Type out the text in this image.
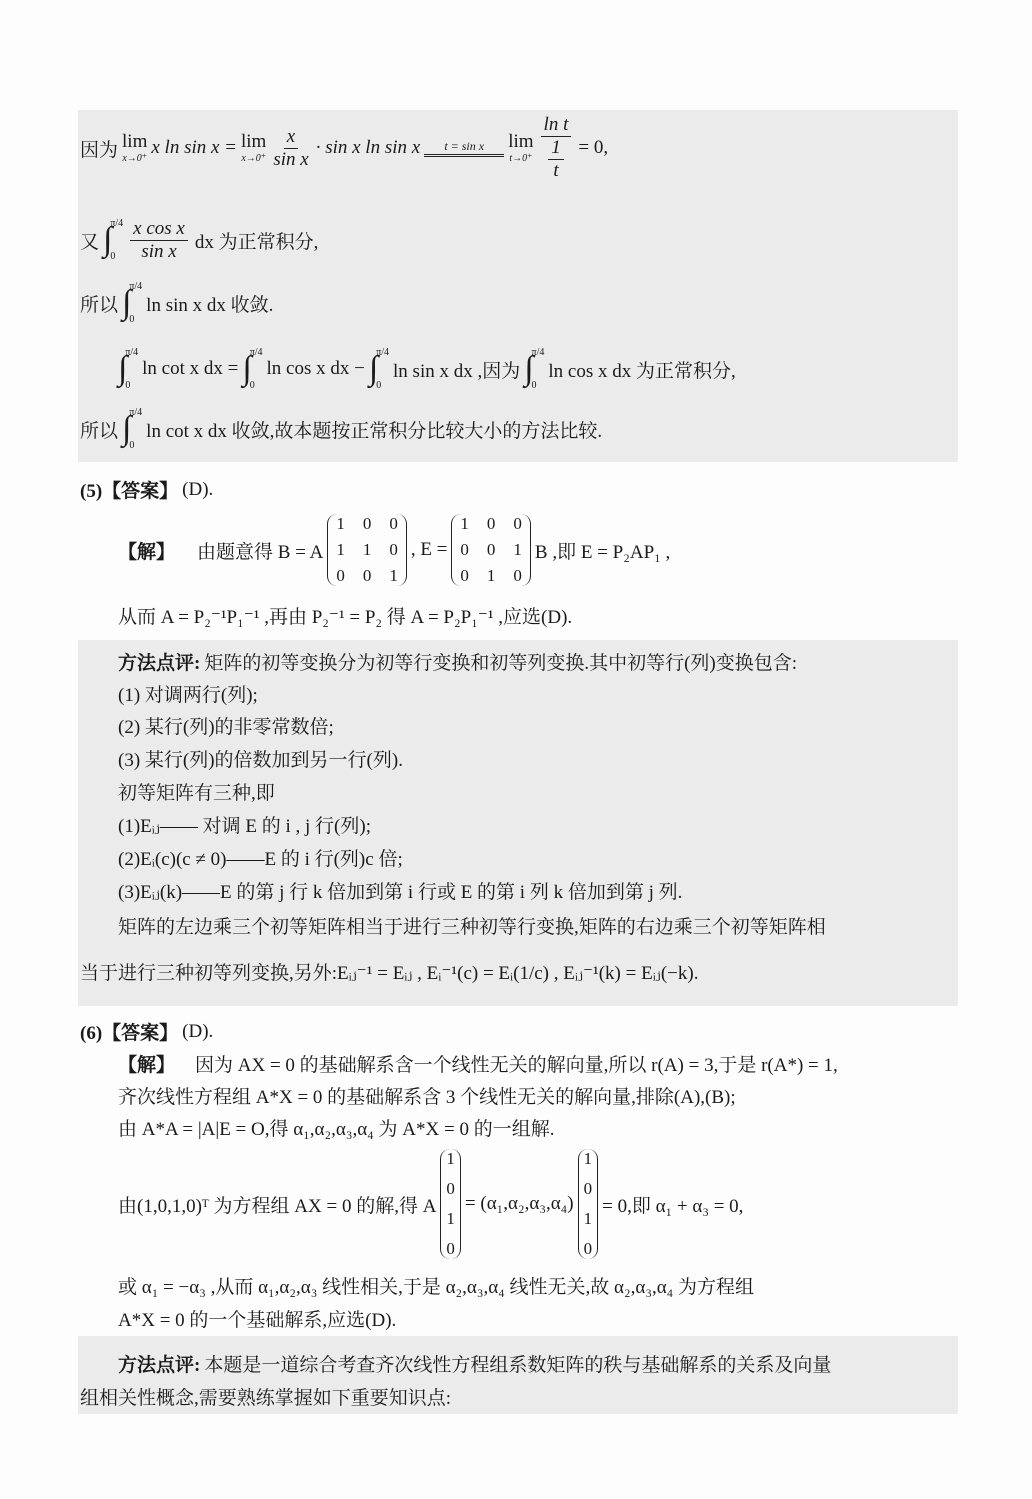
因为 lim
x→0⁺
x ln sin x = lim
$x\to 0^+ \frac{x}{\text{sin x}} \cdot \sin x$ ln sin x t = sin x lim
$t\to 0^+ \frac{\text{ln t}}{\frac{1}{t}} = 0$,
又 ∫
π/4
$0 \frac{\text{x cos x}}{\text{sin x}}$ dx 为正常积分,
所以 ∫
π/4
0
ln sin x dx 收敛.
∫
π/4
0
ln cot x dx = ∫
π/4
0
ln cos x dx − ∫
π/4
0
ln sin x dx ,因为 ∫
π/4
0
ln cos x dx 为正常积分,
所以 ∫
π/4
0
ln cot x dx 收敛,故本题按正常积分比较大小的方法比较.
(5)【答案】 (D).
【解】 由题意得 B = A
1 0 0
1 1 0
0 0 1
, E =
1 0 0
0 0 1
0 1 0
B ,即 E = P₂AP₁ ,
从而 A = P₂⁻¹P₁⁻¹ ,再由 P₂⁻¹ = P₂ 得 A = P₂P₁⁻¹ ,应选(D).
方法点评: 矩阵的初等变换分为初等行变换和初等列变换.其中初等行(列)变换包含:
(1) 对调两行(列);
(2) 某行(列)的非零常数倍;
(3) 某行(列)的倍数加到另一行(列).
初等矩阵有三种,即
(1)Eᵢⱼ—— 对调 E 的 i , j 行(列);
(2)Eᵢ(c)(c ≠ 0)——E 的 i 行(列)c 倍;
(3)Eᵢⱼ(k)——E 的第 j 行 k 倍加到第 i 行或 E 的第 i 列 k 倍加到第 j 列.
矩阵的左边乘三个初等矩阵相当于进行三种初等行变换,矩阵的右边乘三个初等矩阵相
当于进行三种初等列变换,另外:Eᵢⱼ⁻¹ = Eᵢⱼ , Eᵢ⁻¹(c) = Eᵢ(1/c) , Eᵢⱼ⁻¹(k) = Eᵢⱼ(−k).
(6)【答案】 (D).
【解】 因为 AX = 0 的基础解系含一个线性无关的解向量,所以 r(A) = 3,于是 r(A*) = 1,
齐次线性方程组 A*X = 0 的基础解系含 3 个线性无关的解向量,排除(A),(B);
由 A*A = |A|E = O,得 α₁,α₂,α₃,α₄ 为 A*X = 0 的一组解.
由(1,0,1,0)ᵀ 为方程组 AX = 0 的解,得 A
1
0
1
0
= (α₁,α₂,α₃,α₄)
1
0
1
0
= 0,即 α₁ + α₃ = 0,
或 α₁ = −α₃ ,从而 α₁,α₂,α₃ 线性相关,于是 α₂,α₃,α₄ 线性无关,故 α₂,α₃,α₄ 为方程组
A*X = 0 的一个基础解系,应选(D).
方法点评: 本题是一道综合考查齐次线性方程组系数矩阵的秩与基础解系的关系及向量
组相关性概念,需要熟练掌握如下重要知识点:
